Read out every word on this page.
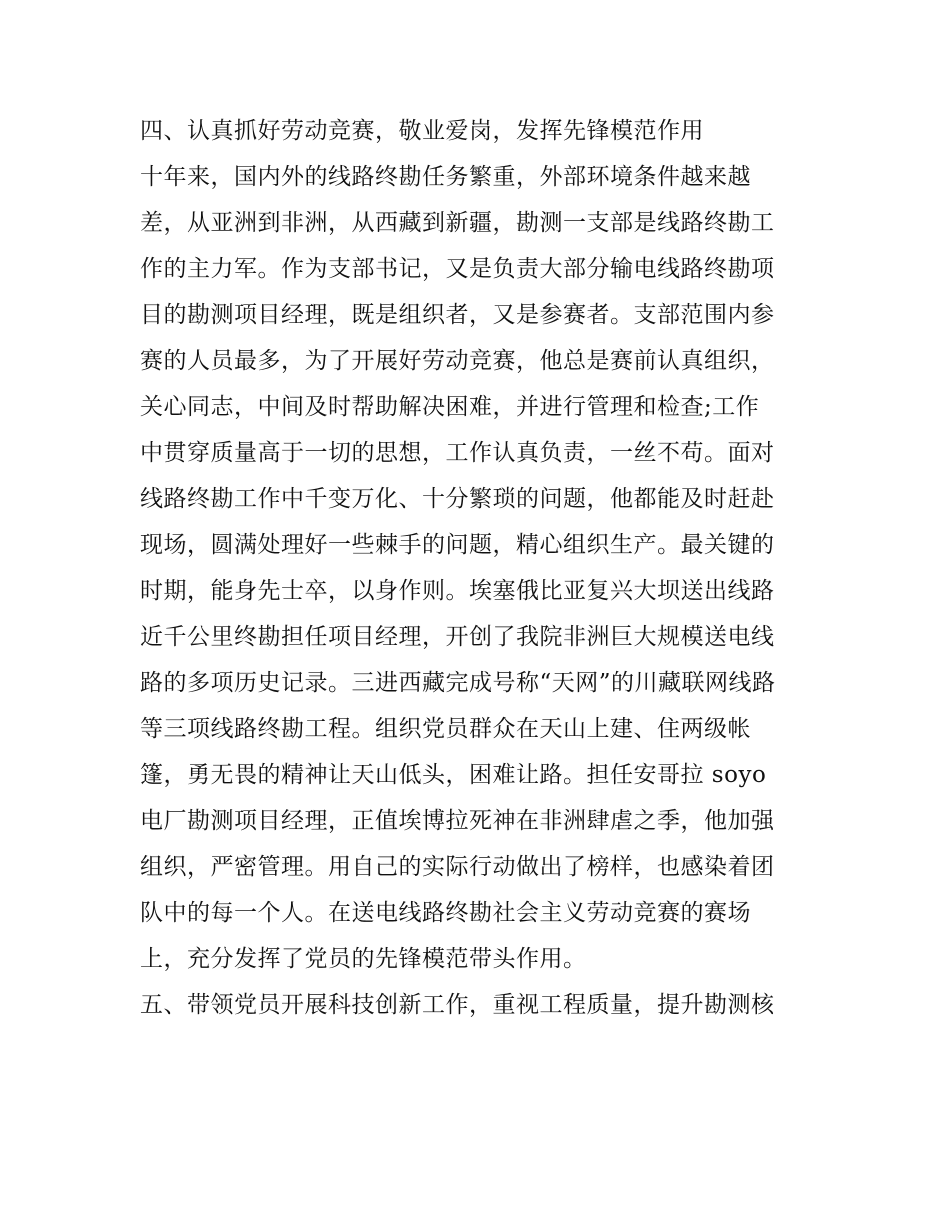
四、认真抓好劳动竞赛，敬业爱岗，发挥先锋模范作用
十年来，国内外的线路终勘任务繁重，外部环境条件越来越
差，从亚洲到非洲，从西藏到新疆，勘测一支部是线路终勘工
作的主力军。作为支部书记，又是负责大部分输电线路终勘项
目的勘测项目经理，既是组织者，又是参赛者。支部范围内参
赛的人员最多，为了开展好劳动竞赛，他总是赛前认真组织，
关心同志，中间及时帮助解决困难，并进行管理和检查;工作
中贯穿质量高于一切的思想，工作认真负责，一丝不苟。面对
线路终勘工作中千变万化、十分繁琐的问题，他都能及时赶赴
现场，圆满处理好一些棘手的问题，精心组织生产。最关键的
时期，能身先士卒，以身作则。埃塞俄比亚复兴大坝送出线路
近千公里终勘担任项目经理，开创了我院非洲巨大规模送电线
路的多项历史记录。三进西藏完成号称“天网”的川藏联网线路
等三项线路终勘工程。组织党员群众在天山上建、住两级帐
篷，勇无畏的精神让天山低头，困难让路。担任安哥拉 soyo
电厂勘测项目经理，正值埃博拉死神在非洲肆虐之季，他加强
组织，严密管理。用自己的实际行动做出了榜样，也感染着团
队中的每一个人。在送电线路终勘社会主义劳动竞赛的赛场
上，充分发挥了党员的先锋模范带头作用。
五、带领党员开展科技创新工作，重视工程质量，提升勘测核
